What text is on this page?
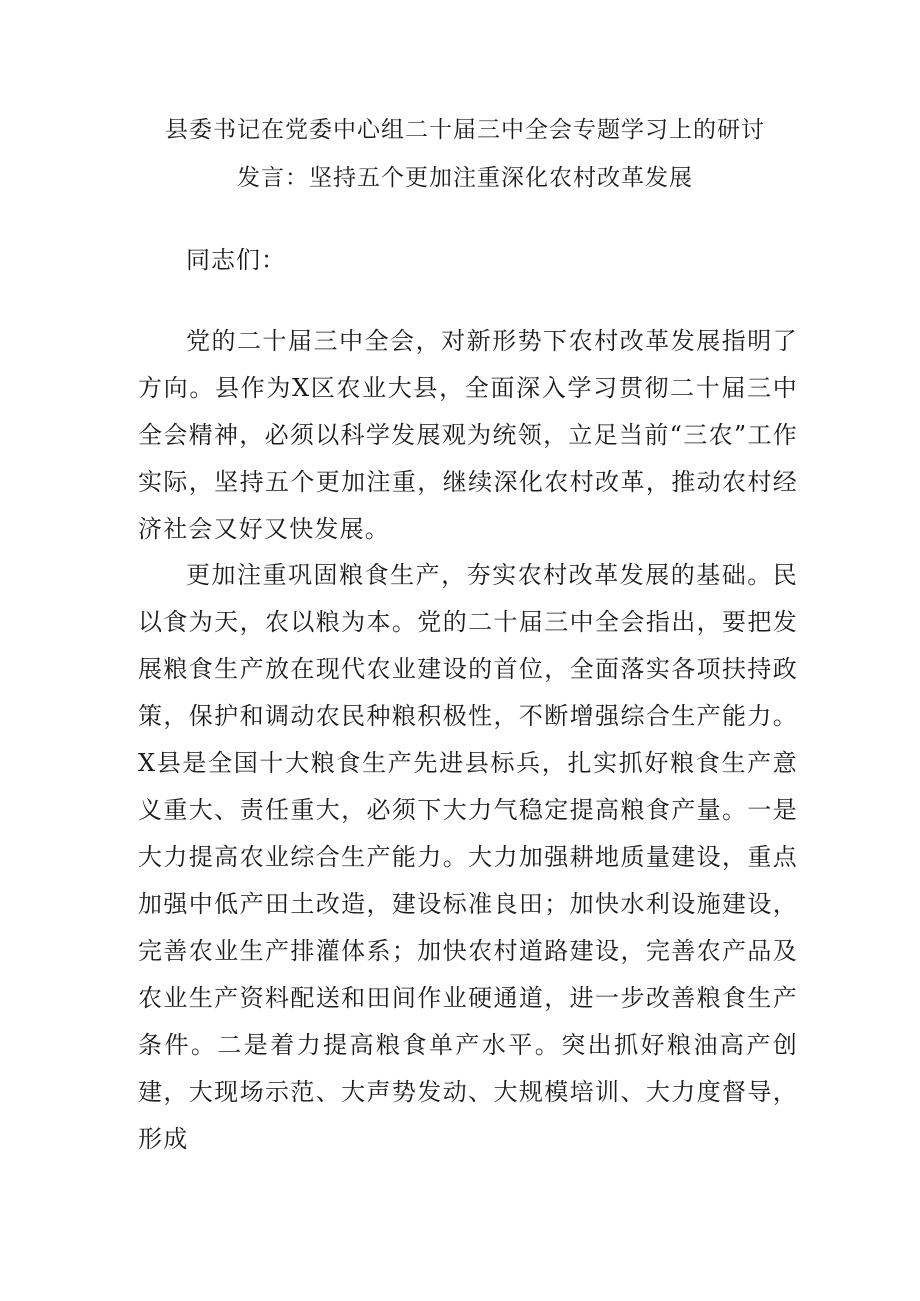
县委书记在党委中心组二十届三中全会专题学习上的研讨
发言：坚持五个更加注重深化农村改革发展
同志们：

党的二十届三中全会，对新形势下农村改革发展指明了方向。县作为X区农业大县，全面深入学习贯彻二十届三中全会精神，必须以科学发展观为统领，立足当前“三农”工作实际，坚持五个更加注重，继续深化农村改革，推动农村经济社会又好又快发展。

更加注重巩固粮食生产，夯实农村改革发展的基础。民以食为天，农以粮为本。党的二十届三中全会指出，要把发展粮食生产放在现代农业建设的首位，全面落实各项扶持政策，保护和调动农民种粮积极性，不断增强综合生产能力。X县是全国十大粮食生产先进县标兵，扎实抓好粮食生产意义重大、责任重大，必须下大力气稳定提高粮食产量。一是大力提高农业综合生产能力。大力加强耕地质量建设，重点加强中低产田土改造，建设标准良田；加快水利设施建设，完善农业生产排灌体系；加快农村道路建设，完善农产品及农业生产资料配送和田间作业硬通道，进一步改善粮食生产条件。二是着力提高粮食单产水平。突出抓好粮油高产创建，大现场示范、大声势发动、大规模培训、大力度督导，形成
